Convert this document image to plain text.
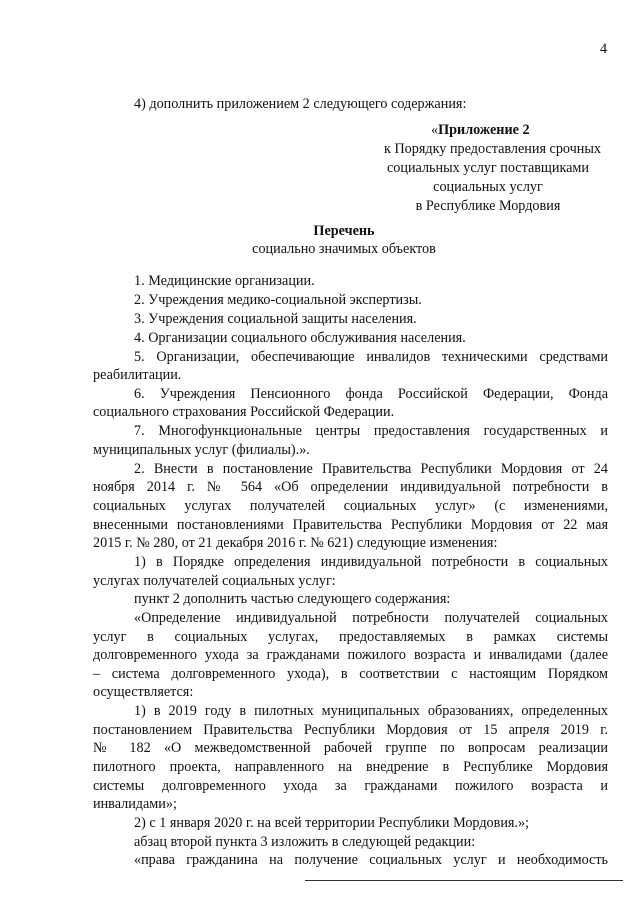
4
4) дополнить приложением 2 следующего содержания:
«Приложение 2
к Порядку предоставления срочных
социальных услуг поставщиками
социальных услуг
в Республике Мордовия
Перечень
социально значимых объектов
1. Медицинские организации.
2. Учреждения медико-социальной экспертизы.
3. Учреждения социальной защиты населения.
4. Организации социального обслуживания населения.
5. Организации, обеспечивающие инвалидов техническими средствами
реабилитации.
6. Учреждения Пенсионного фонда Российской Федерации, Фонда
социального страхования Российской Федерации.
7. Многофункциональные центры предоставления государственных и
муниципальных услуг (филиалы).».
2. Внести в постановление Правительства Республики Мордовия от 24
ноября 2014 г. № 564 «Об определении индивидуальной потребности в
социальных услугах получателей социальных услуг» (с изменениями,
внесенными постановлениями Правительства Республики Мордовия от 22 мая
2015 г. № 280, от 21 декабря 2016 г. № 621) следующие изменения:
1) в Порядке определения индивидуальной потребности в социальных
услугах получателей социальных услуг:
пункт 2 дополнить частью следующего содержания:
«Определение индивидуальной потребности получателей социальных
услуг в социальных услугах, предоставляемых в рамках системы
долговременного ухода за гражданами пожилого возраста и инвалидами (далее
– система долговременного ухода), в соответствии с настоящим Порядком
осуществляется:
1) в 2019 году в пилотных муниципальных образованиях, определенных
постановлением Правительства Республики Мордовия от 15 апреля 2019 г.
№ 182 «О межведомственной рабочей группе по вопросам реализации
пилотного проекта, направленного на внедрение в Республике Мордовия
системы долговременного ухода за гражданами пожилого возраста и
инвалидами»;
2) с 1 января 2020 г. на всей территории Республики Мордовия.»;
абзац второй пункта 3 изложить в следующей редакции:
«права гражданина на получение социальных услуг и необходимость
